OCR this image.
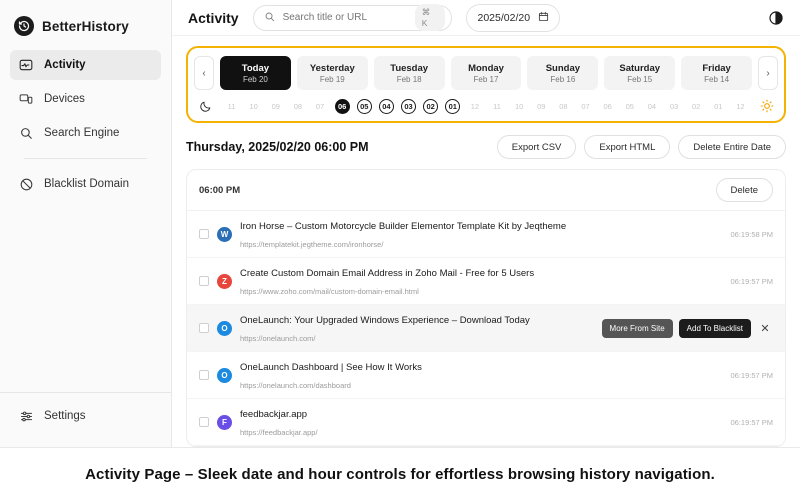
BetterHistory
Activity
Devices
Search Engine
Blacklist Domain
Settings
Activity
Search title or URL	⌘ K	2025/02/20
‹	Today
Feb 20
Yesterday
Feb 19
Tuesday
Feb 18
Monday
Feb 17
Sunday
Feb 16
Saturday
Feb 15
Friday
Feb 14
›
11	10	09	08	07	06	05	04	03	02	01	12	11	10	09	08	07	06	05	04	03	02	01	12
Thursday, 2025/02/20 06:00 PM	Export CSV	Export HTML	Delete Entire Date
06:00 PM	Delete
W
Iron Horse – Custom Motorcycle Builder Elementor Template Kit by Jeqtheme
https://templatekit.jegtheme.com/ironhorse/
06:19:58 PM
Z
Create Custom Domain Email Address in Zoho Mail - Free for 5 Users
https://www.zoho.com/mail/custom-domain-email.html
06:19:57 PM
O
OneLaunch: Your Upgraded Windows Experience – Download Today
https://onelaunch.com/
More From Site	Add To Blacklist	✕
O
OneLaunch Dashboard | See How It Works
https://onelaunch.com/dashboard
06:19:57 PM
F
feedbackjar.app
https://feedbackjar.app/
06:19:57 PM

Activity Page – Sleek date and hour controls for effortless browsing history navigation.
